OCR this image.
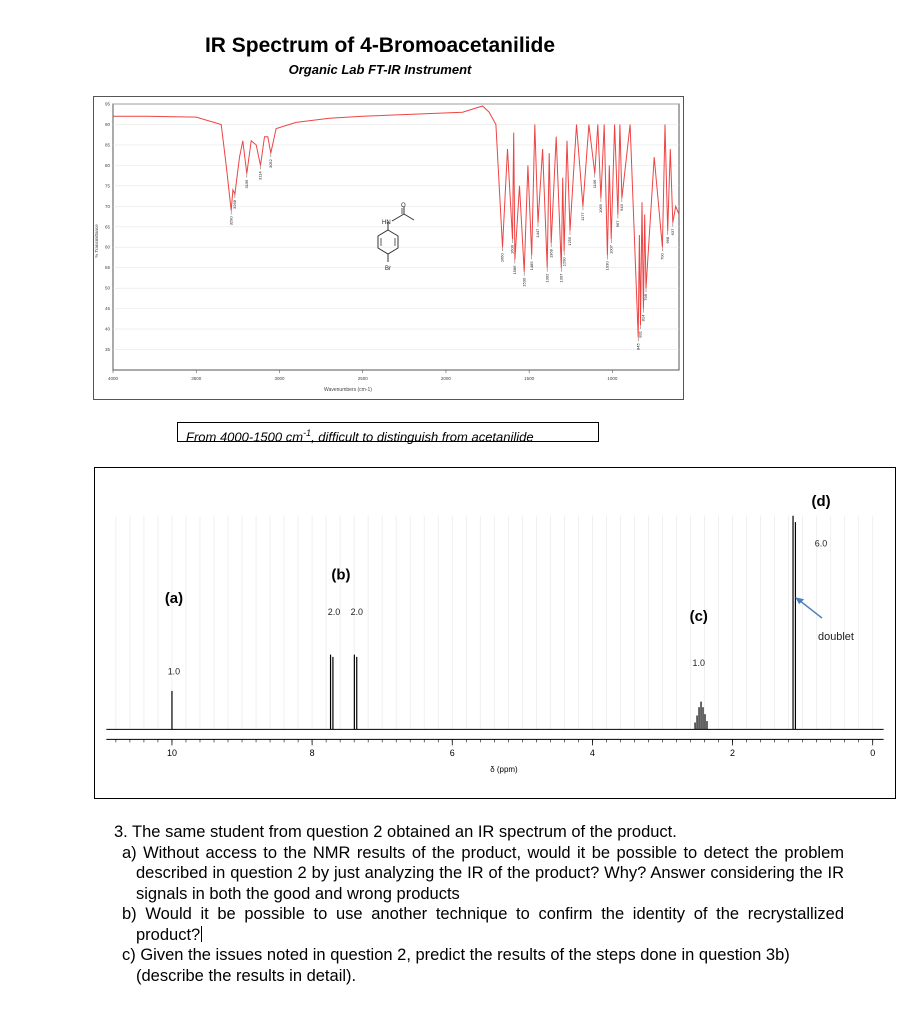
IR Spectrum of 4-Bromoacetanilide
Organic Lab FT-IR Instrument
95
90
85
80
75
70
65
60
55
50
45
40
35
4000	3500	3000	2500	2000	1500	1000
% Transmittance
Wavenumbers (cm-1)
3290
3268
3196
3114
3052
1660
1600
1586
1530
1485
1447
1392
1368
1307
1290
1255
1177
1106
1069
1030
1007
967
943
845
831
814
798
700
668
637
HN
O
Br
From 4000-1500 $cm^{-1}$, difficult to distinguish from acetanilide
10	8	6	4	2	0
δ (ppm)
(a)
1.0
(b)
2.0 2.0	(c)
1.0
(d)
6.0
doublet

3. The same student from question 2 obtained an IR spectrum of the product.

a) Without access to the NMR results of the product, would it be possible to detect the problem described in question 2 by just analyzing the IR of the product? Why? Answer considering the IR signals in both the good and wrong products

b) Would it be possible to use another technique to confirm the identity of the recrystallized product?

c) Given the issues noted in question 2, predict the results of the steps done in question 3b) (describe the results in detail).
